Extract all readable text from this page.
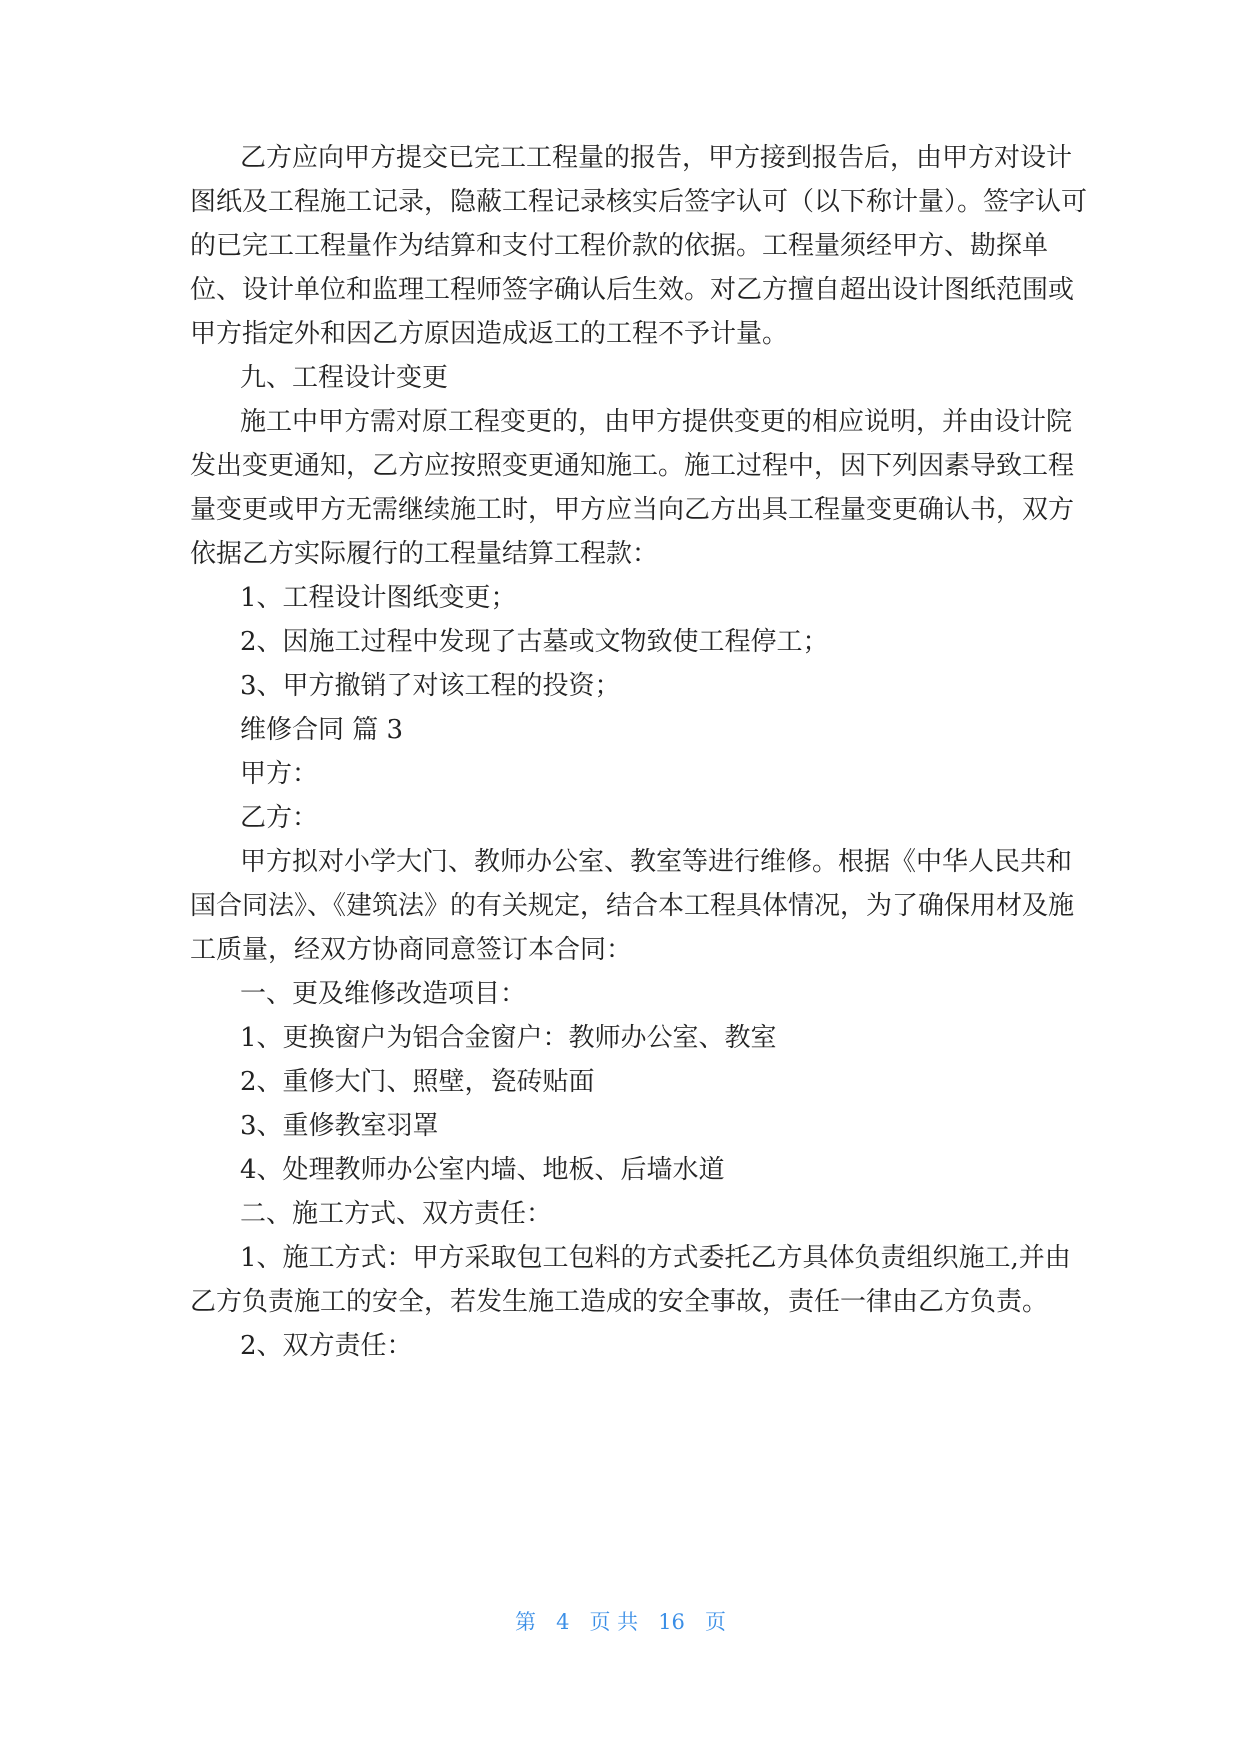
乙方应向甲方提交已完工工程量的报告，甲方接到报告后，由甲方对设计
图纸及工程施工记录，隐蔽工程记录核实后签字认可（以下称计量）。签字认可
的已完工工程量作为结算和支付工程价款的依据。工程量须经甲方、勘探单
位、设计单位和监理工程师签字确认后生效。对乙方擅自超出设计图纸范围或
甲方指定外和因乙方原因造成返工的工程不予计量。
九、工程设计变更
施工中甲方需对原工程变更的，由甲方提供变更的相应说明，并由设计院
发出变更通知，乙方应按照变更通知施工。施工过程中，因下列因素导致工程
量变更或甲方无需继续施工时，甲方应当向乙方出具工程量变更确认书，双方
依据乙方实际履行的工程量结算工程款：
1、工程设计图纸变更；
2、因施工过程中发现了古墓或文物致使工程停工；
3、甲方撤销了对该工程的投资；
维修合同 篇 3
甲方：
乙方：
甲方拟对小学大门、教师办公室、教室等进行维修。根据《中华人民共和
国合同法》、《建筑法》的有关规定，结合本工程具体情况，为了确保用材及施
工质量，经双方协商同意签订本合同：
一、更及维修改造项目：
1、更换窗户为铝合金窗户：教师办公室、教室
2、重修大门、照壁，瓷砖贴面
3、重修教室羽罩
4、处理教师办公室内墙、地板、后墙水道
二、施工方式、双方责任：
1、施工方式：甲方采取包工包料的方式委托乙方具体负责组织施工,并由
乙方负责施工的安全，若发生施工造成的安全事故，责任一律由乙方负责。
2、双方责任：
第 4 页 共 16 页
